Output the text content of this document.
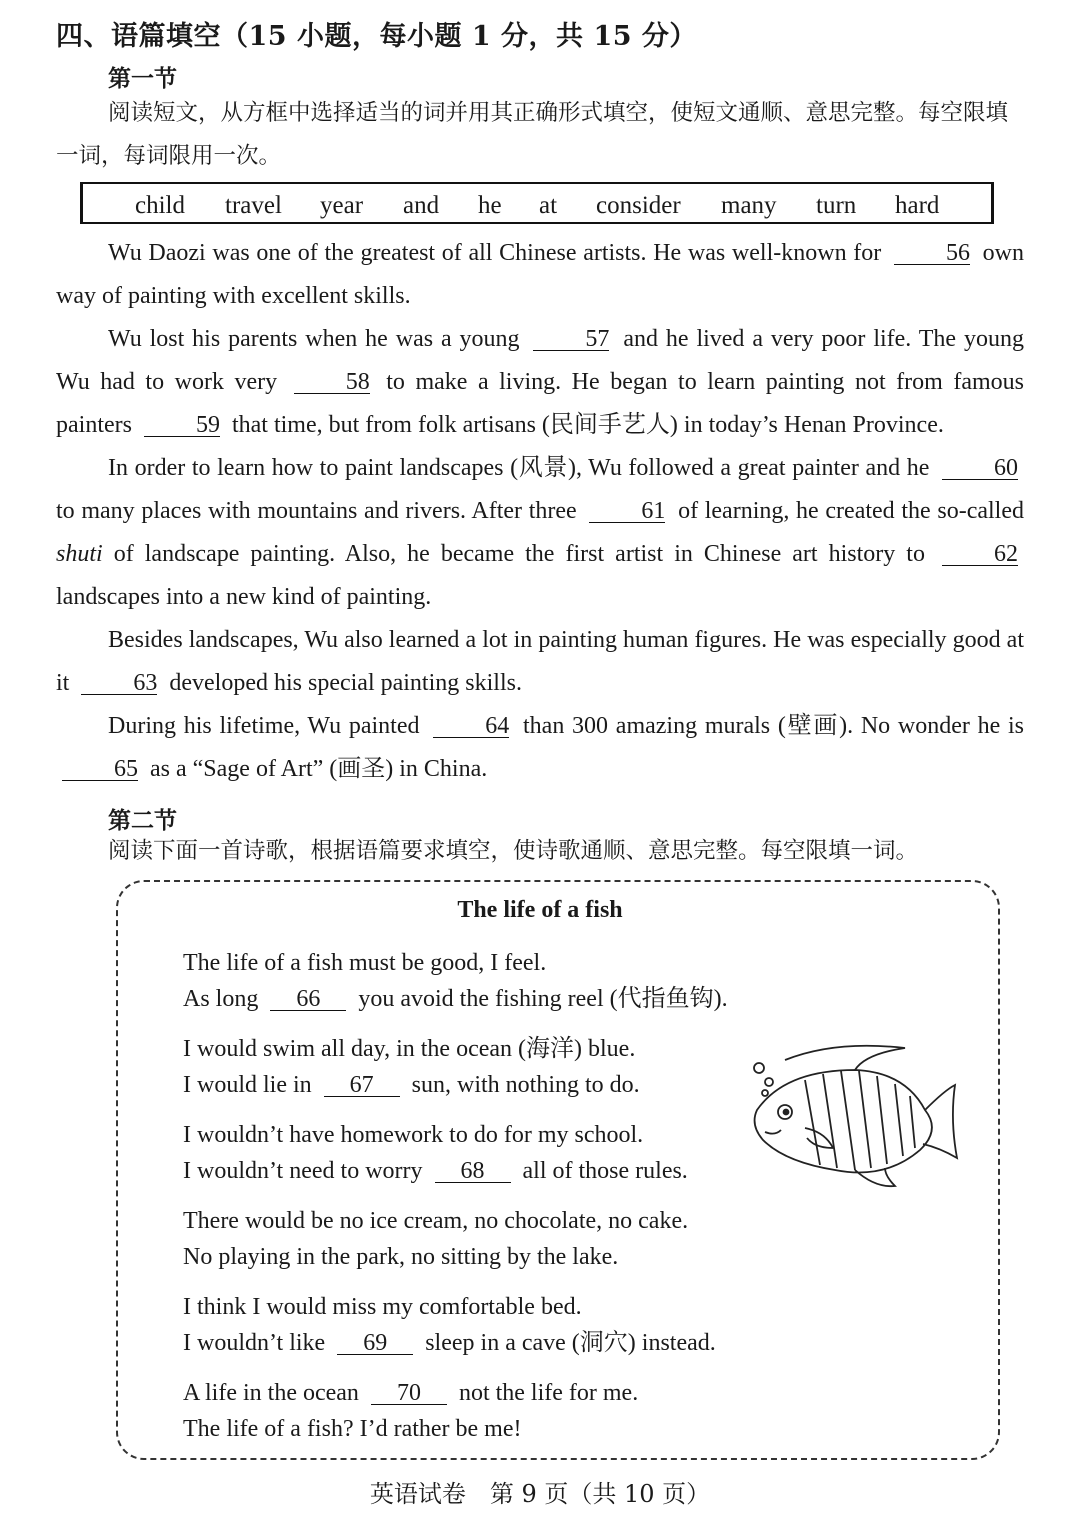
四、语篇填空（15 小题，每小题 1 分，共 15 分）
第一节
阅读短文，从方框中选择适当的词并用其正确形式填空，使短文通顺、意思完整。每空限填一词，每词限用一次。
child travel year and he at consider many turn hard

Wu Daozi was one of the greatest of all Chinese artists. He was well-known for	56 own way of painting with excellent skills.

Wu lost his parents when he was a young	57 and he lived a very poor life. The young Wu had to work very	58 to make a living. He began to learn painting not from famous painters	59 that time, but from folk artisans (民间手艺人) in today’s Henan Province.

In order to learn how to paint landscapes (风景), Wu followed a great painter and he	60 to many places with mountains and rivers. After three	61 of learning, he created the so-called shuti of landscape painting. Also, he became the first artist in Chinese art history to	62 landscapes into a new kind of painting.

Besides landscapes, Wu also learned a lot in painting human figures. He was especially good at it	63 developed his special painting skills.

During his lifetime, Wu painted	64 than 300 amazing murals (壁画). No wonder he is 65 as a “Sage of Art” (画圣) in China.

第二节
阅读下面一首诗歌，根据语篇要求填空，使诗歌通顺、意思完整。每空限填一词。
The life of a fish
The life of a fish must be good, I feel.
As long 66 you avoid the fishing reel (代指鱼钩).
I would swim all day, in the ocean (海洋) blue.
I would lie in 67 sun, with nothing to do.
I wouldn’t have homework to do for my school.
I wouldn’t need to worry 68 all of those rules.
There would be no ice cream, no chocolate, no cake.
No playing in the park, no sitting by the lake.
I think I would miss my comfortable bed.
I wouldn’t like 69 sleep in a cave (洞穴) instead.
A life in the ocean 70 not the life for me.
The life of a fish? I’d rather be me!
英语试卷　第 9 页（共 10 页）
